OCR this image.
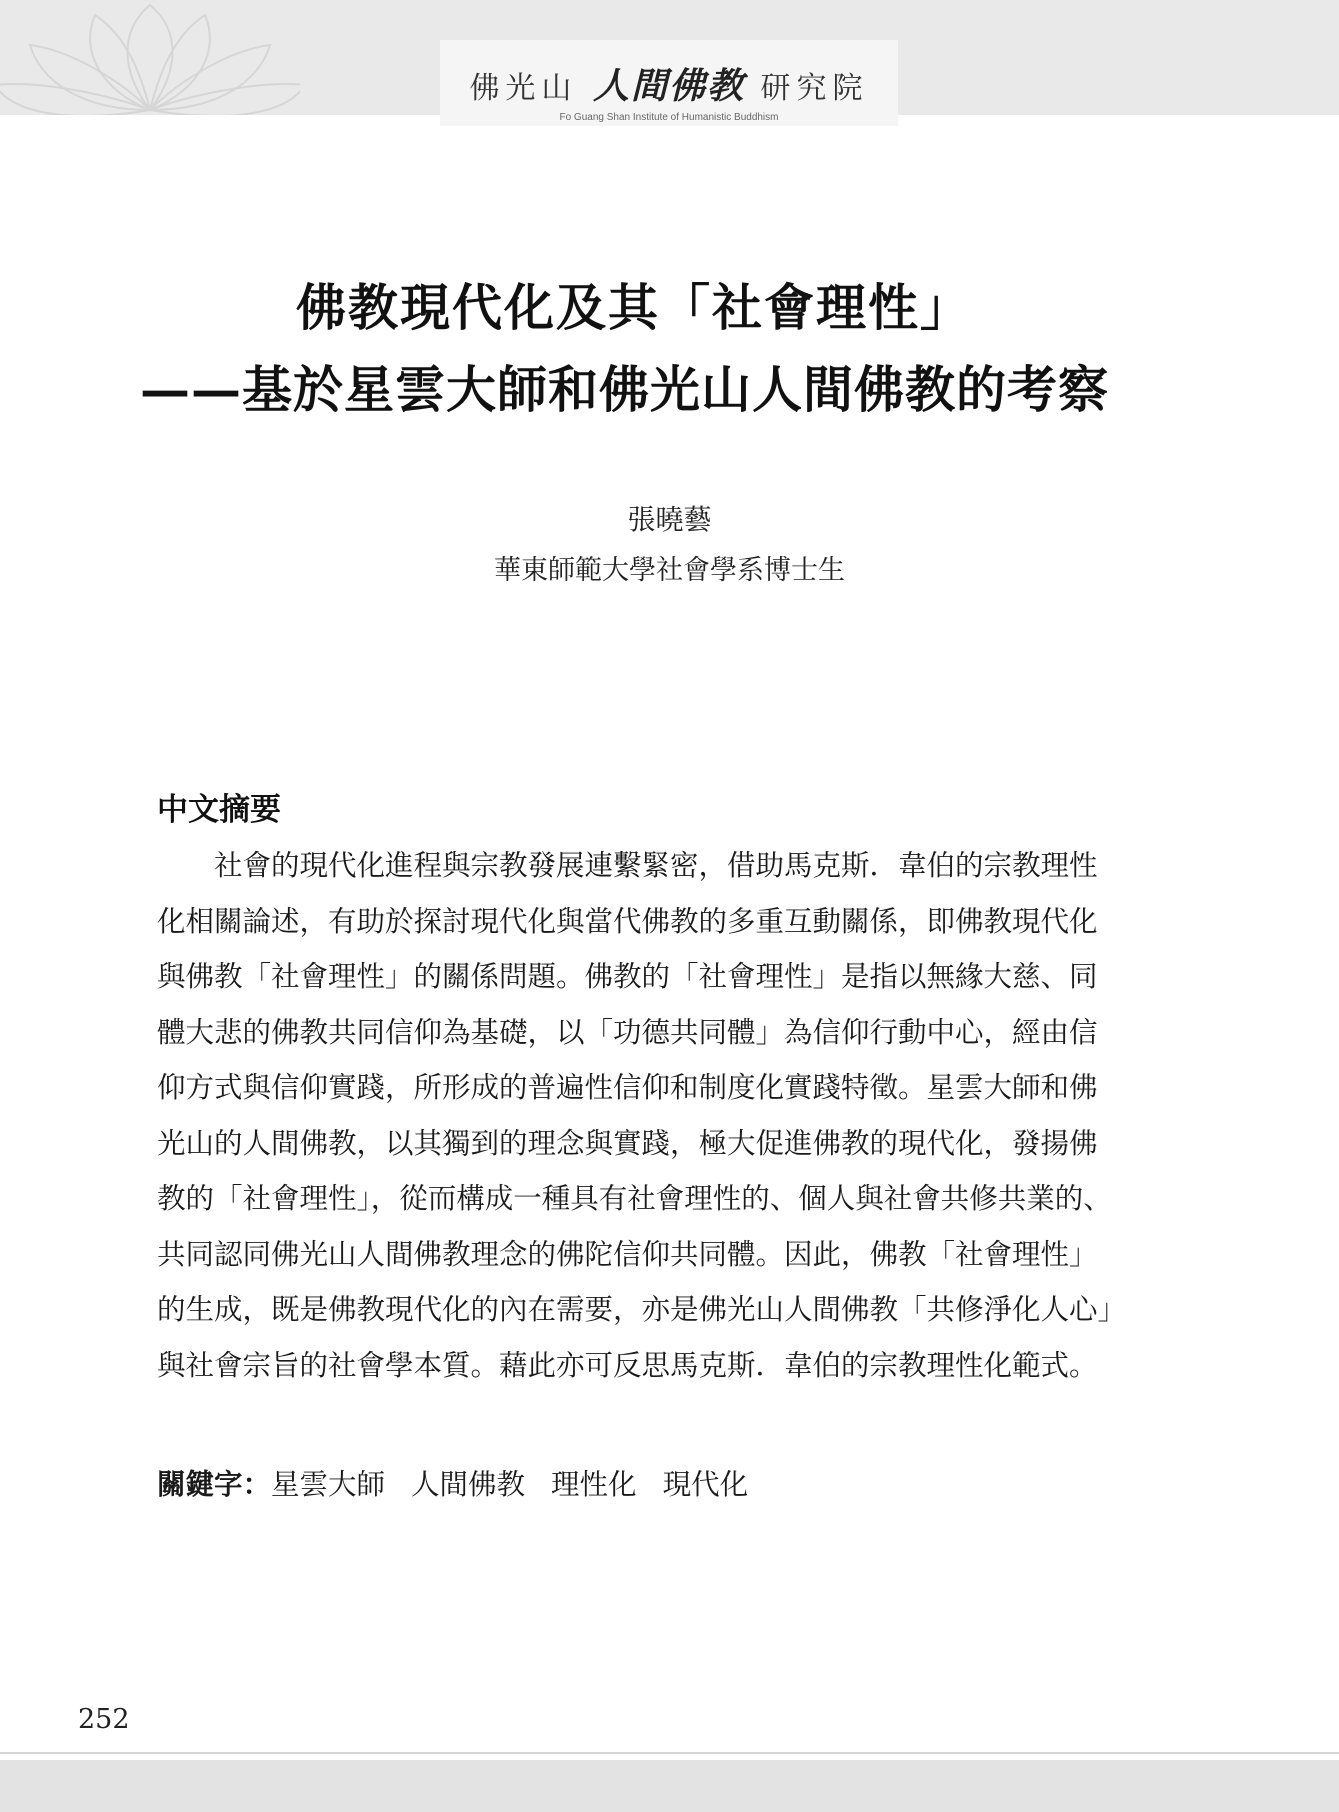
佛光山 人間佛教 研究院
Fo Guang Shan Institute of Humanistic Buddhism
佛教現代化及其「社會理性」
——基於星雲大師和佛光山人間佛教的考察
張曉藝
華東師範大學社會學系博士生
中文摘要
社會的現代化進程與宗教發展連繫緊密，借助馬克斯．韋伯的宗教理性
化相關論述，有助於探討現代化與當代佛教的多重互動關係，即佛教現代化
與佛教「社會理性」的關係問題。佛教的「社會理性」是指以無緣大慈、同
體大悲的佛教共同信仰為基礎，以「功德共同體」為信仰行動中心，經由信
仰方式與信仰實踐，所形成的普遍性信仰和制度化實踐特徵。星雲大師和佛
光山的人間佛教，以其獨到的理念與實踐，極大促進佛教的現代化，發揚佛
教的「社會理性」，從而構成一種具有社會理性的、個人與社會共修共業的、
共同認同佛光山人間佛教理念的佛陀信仰共同體。因此，佛教「社會理性」
的生成，既是佛教現代化的內在需要，亦是佛光山人間佛教「共修淨化人心」
與社會宗旨的社會學本質。藉此亦可反思馬克斯．韋伯的宗教理性化範式。
關鍵字：星雲大師 人間佛教 理性化 現代化
252
